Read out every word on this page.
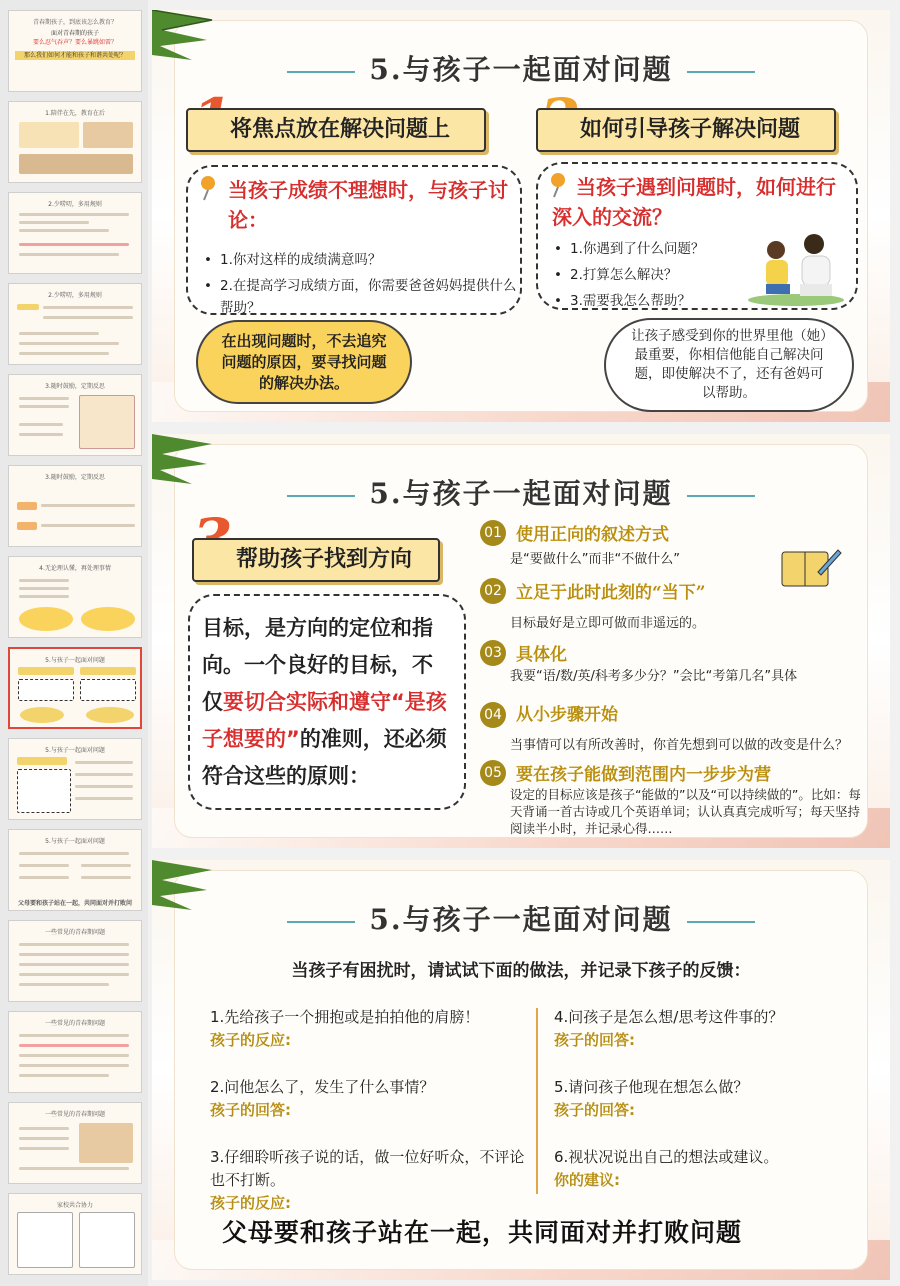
青春期孩子，到底该怎么教育？
面对青春期的孩子
要么忍气吞声？要么暴跳如雷？
那么我们如何才能和孩子和谐共处呢？
1.陪伴在先，教育在后
2.少唠叨，多用规则
2.少唠叨，多用规则
3.随时鼓励，定期反思
3.随时鼓励，定期反思
4.无论理认懂，再处理事情
5.与孩子一起面对问题
5.与孩子一起面对问题
5.与孩子一起面对问题
父母要和孩子站在一起，共同面对并打败问
一些常见的青春期问题
一些常见的青春期问题
一些常见的青春期问题
家校共合协力
5.与孩子一起面对问题
将焦点放在解决问题上
当孩子成绩不理想时，与孩子讨论：
• 1.你对这样的成绩满意吗？
• 2.在提高学习成绩方面，你需要爸爸妈妈提供什么帮助？
在出现问题时，不去追究问题的原因，要寻找问题的解决办法。
如何引导孩子解决问题
当孩子遇到问题时，如何进行深入的交流？
• 1.你遇到了什么问题？
• 2.打算怎么解决？
• 3.需要我怎么帮助？
让孩子感受到你的世界里他（她）最重要，你相信他能自己解决问题，即使解决不了，还有爸妈可以帮助。
5.与孩子一起面对问题
帮助孩子找到方向
目标，是方向的定位和指向。一个良好的目标，不仅要切合实际和遵守“是孩子想要的”的准则，还必须符合这些的原则：
01 使用正向的叙述方式
是“要做什么”而非“不做什么”
02 立足于此时此刻的“当下”
目标最好是立即可做而非遥远的。
03 具体化
我要“语/数/英/科考多少分？”会比“考第几名”具体
04 从小步骤开始
当事情可以有所改善时，你首先想到可以做的改变是什么？
05 要在孩子能做到范围内一步步为营
设定的目标应该是孩子“能做的”以及“可以持续做的”。比如：每天背诵一首古诗或几个英语单词；认认真真完成听写；每天坚持阅读半小时，并记录心得……
5.与孩子一起面对问题
当孩子有困扰时，请试试下面的做法，并记录下孩子的反馈：
1.先给孩子一个拥抱或是拍拍他的肩膀！
孩子的反应:
2.问他怎么了，发生了什么事情？
孩子的回答:
3.仔细聆听孩子说的话，做一位好听众，不评论也不打断。
孩子的反应:
4.问孩子是怎么想/思考这件事的？
孩子的回答:
5.请问孩子他现在想怎么做？
孩子的回答:
6.视状况说出自己的想法或建议。
你的建议:
父母要和孩子站在一起，共同面对并打败问题
